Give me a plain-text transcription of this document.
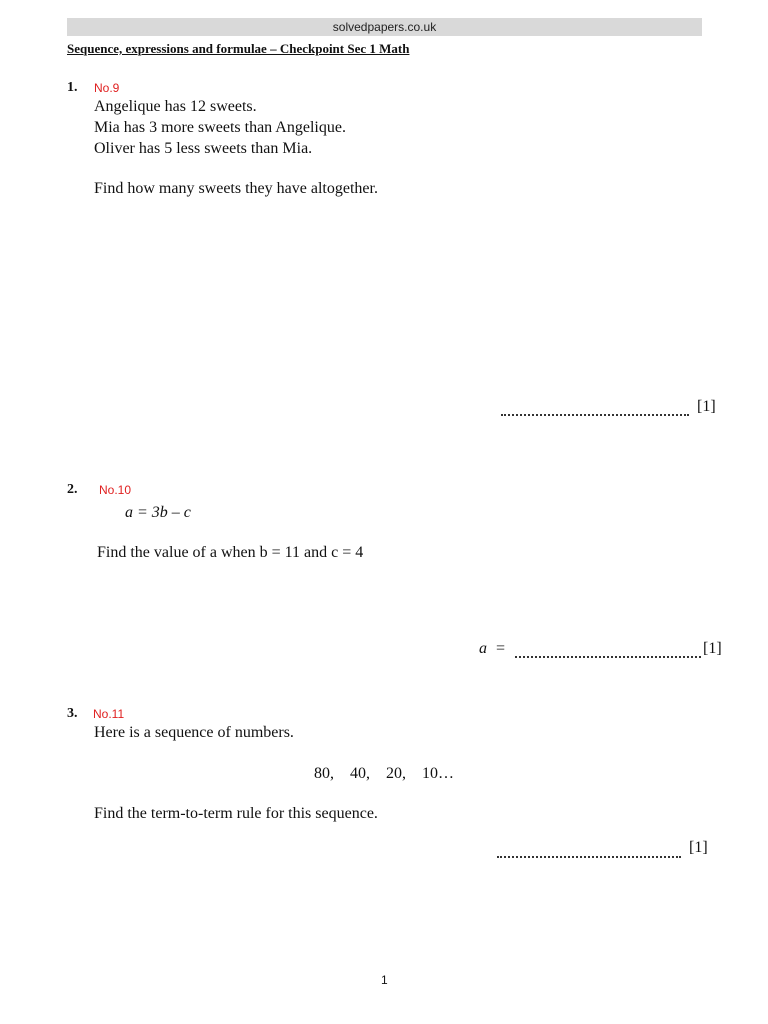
solvedpapers.co.uk
Sequence, expressions and formulae – Checkpoint Sec 1 Math
1. No.9
Angelique has 12 sweets.
Mia has 3 more sweets than Angelique.
Oliver has 5 less sweets than Mia.
Find how many sweets they have altogether.
[1]
2. No.10
a = 3b – c
Find the value of a when b = 11 and c = 4
a  =	[1]
3. No.11
Here is a sequence of numbers.
80,    40,    20,    10…
Find the term-to-term rule for this sequence.
[1]
1
